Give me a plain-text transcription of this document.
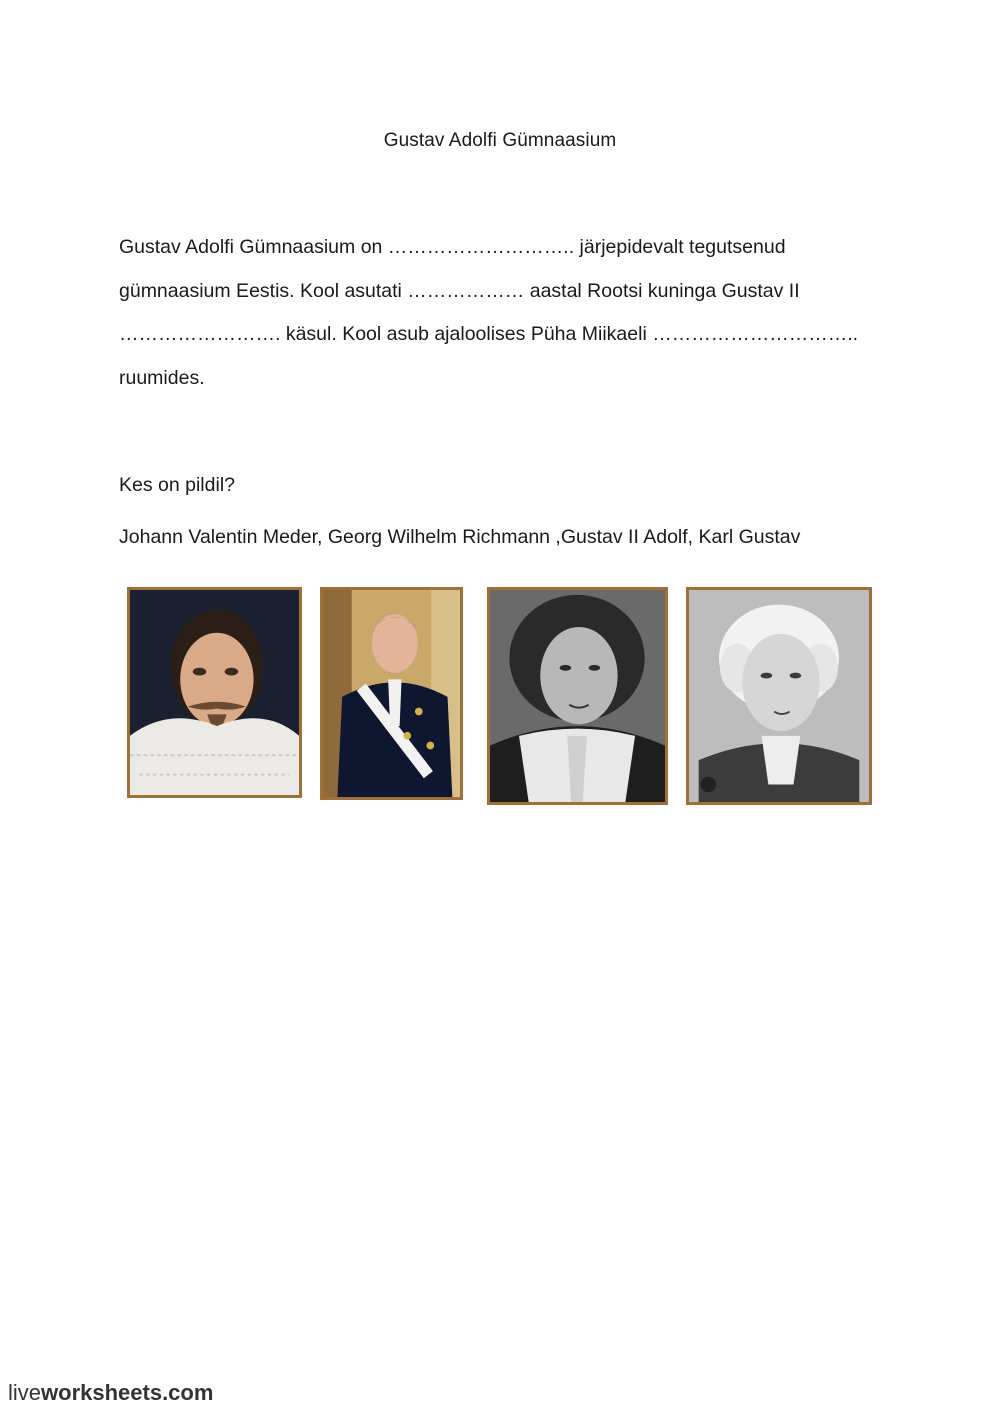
Gustav Adolfi Gümnaasium
Gustav Adolfi Gümnaasium on ……………………….. järjepidevalt tegutsenud
gümnaasium Eestis. Kool asutati ……………… aastal Rootsi kuninga Gustav II
……………………. käsul. Kool asub ajaloolises Püha Miikaeli …………………………..
ruumides.
Kes on pildil?
Johann Valentin Meder, Georg Wilhelm Richmann ,Gustav II Adolf, Karl Gustav
liveworksheets.com
